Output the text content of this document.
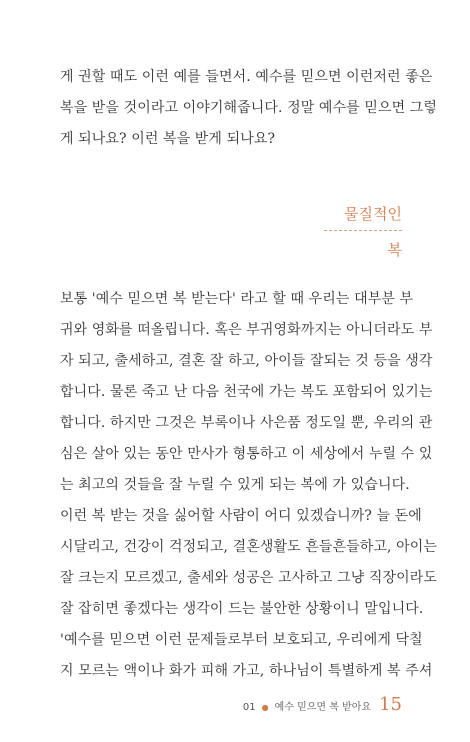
게 권할 때도 이런 예를 들면서. 예수를 믿으면 이런저런 좋은
복을 받을 것이라고 이야기해줍니다. 정말 예수를 믿으면 그렇
게 되나요? 이런 복을 받게 되나요?
물질적인
복
보통 '예수 믿으면 복 받는다' 라고 할 때 우리는 대부분 부
귀와 영화를 떠올립니다. 혹은 부귀영화까지는 아니더라도 부
자 되고, 출세하고, 결혼 잘 하고, 아이들 잘되는 것 등을 생각
합니다. 물론 죽고 난 다음 천국에 가는 복도 포함되어 있기는
합니다. 하지만 그것은 부록이나 사은품 정도일 뿐, 우리의 관
심은 살아 있는 동안 만사가 형통하고 이 세상에서 누릴 수 있
는 최고의 것들을 잘 누릴 수 있게 되는 복에 가 있습니다.
이런 복 받는 것을 싫어할 사람이 어디 있겠습니까? 늘 돈에
시달리고, 건강이 걱정되고, 결혼생활도 흔들흔들하고, 아이는
잘 크는지 모르겠고, 출세와 성공은 고사하고 그냥 직장이라도
잘 잡히면 좋겠다는 생각이 드는 불안한 상황이니 말입니다.
'예수를 믿으면 이런 문제들로부터 보호되고, 우리에게 닥칠
지 모르는 액이나 화가 피해 가고, 하나님이 특별하게 복 주셔
01 ● 예수 믿으면 복 받아요 15
